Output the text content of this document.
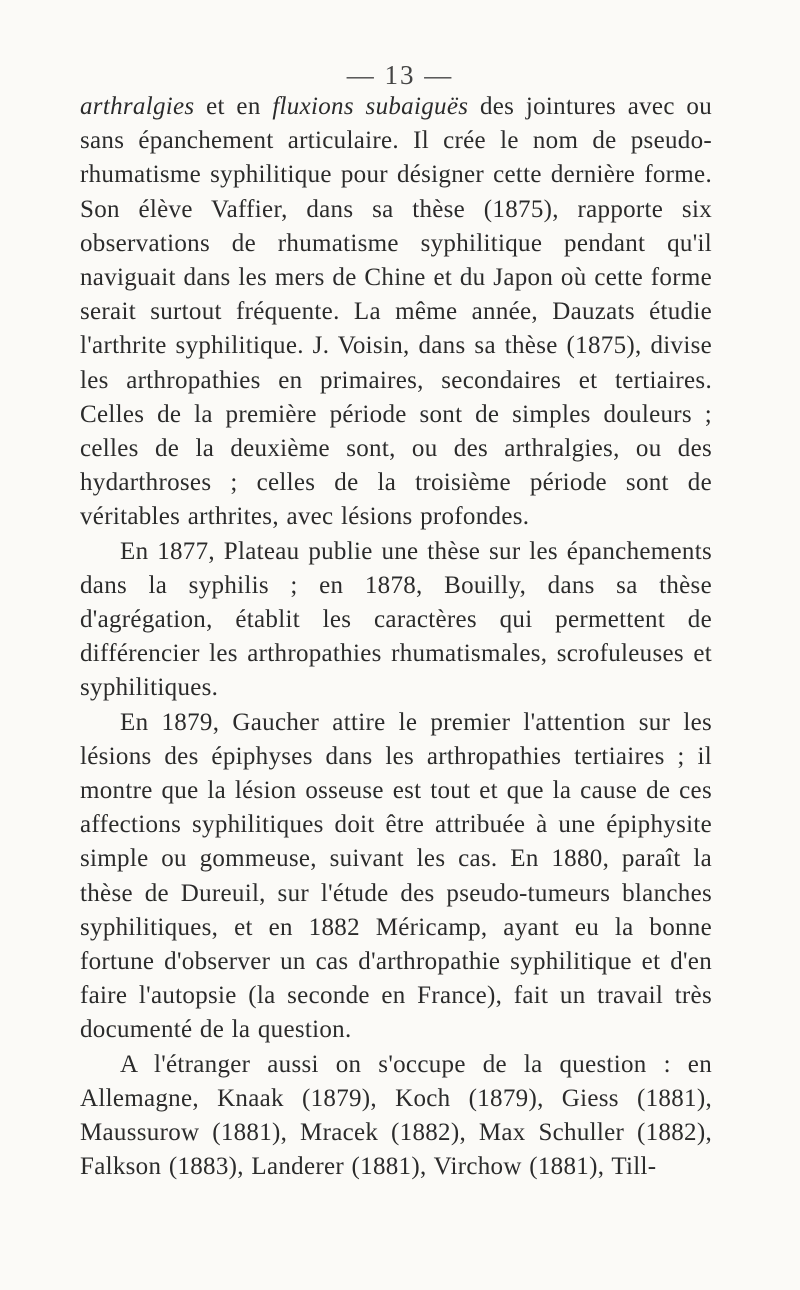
— 13 —

arthralgies et en fluxions subaiguës des jointures avec ou sans épanchement articulaire. Il crée le nom de pseudo-rhumatisme syphilitique pour désigner cette dernière forme. Son élève Vaffier, dans sa thèse (1875), rapporte six observations de rhumatisme syphilitique pendant qu'il naviguait dans les mers de Chine et du Japon où cette forme serait surtout fréquente. La même année, Dauzats étudie l'arthrite syphilitique. J. Voisin, dans sa thèse (1875), divise les arthropathies en primaires, secondaires et tertiaires. Celles de la première période sont de simples douleurs ; celles de la deuxième sont, ou des arthralgies, ou des hydarthroses ; celles de la troisième période sont de véritables arthrites, avec lésions profondes.

En 1877, Plateau publie une thèse sur les épanchements dans la syphilis ; en 1878, Bouilly, dans sa thèse d'agrégation, établit les caractères qui permettent de différencier les arthropathies rhumatismales, scrofuleuses et syphilitiques.

En 1879, Gaucher attire le premier l'attention sur les lésions des épiphyses dans les arthropathies tertiaires ; il montre que la lésion osseuse est tout et que la cause de ces affections syphilitiques doit être attribuée à une épiphysite simple ou gommeuse, suivant les cas. En 1880, paraît la thèse de Dureuil, sur l'étude des pseudo-tumeurs blanches syphilitiques, et en 1882 Méricamp, ayant eu la bonne fortune d'observer un cas d'arthropathie syphilitique et d'en faire l'autopsie (la seconde en France), fait un travail très documenté de la question.

A l'étranger aussi on s'occupe de la question : en Allemagne, Knaak (1879), Koch (1879), Giess (1881), Maussurow (1881), Mracek (1882), Max Schuller (1882), Falkson (1883), Landerer (1881), Virchow (1881), Till-
